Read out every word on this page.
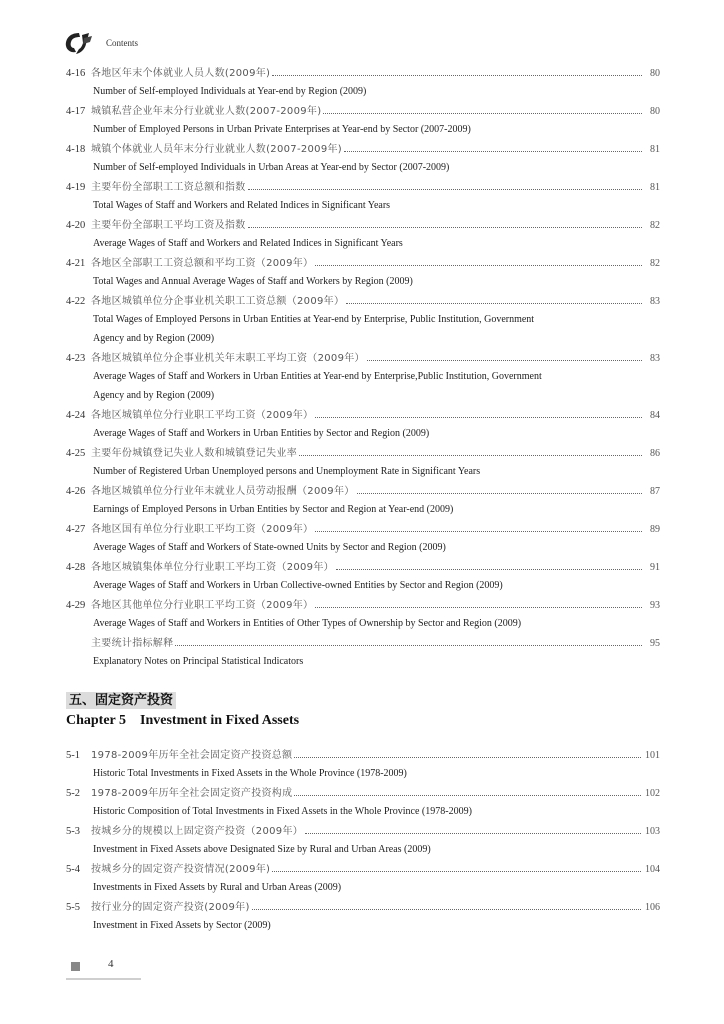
Contents
4-16 各地区年末个体就业人员人数(2009年)	80
Number of Self-employed Individuals at Year-end by Region (2009)
4-17 城镇私营企业年末分行业就业人数(2007-2009年)	80
Number of Employed Persons in Urban Private Enterprises at Year-end by Sector (2007-2009)
4-18 城镇个体就业人员年末分行业就业人数(2007-2009年)	81
Number of Self-employed Individuals in Urban Areas at Year-end by Sector (2007-2009)
4-19 主要年份全部职工工资总额和指数	81
Total Wages of Staff and Workers and Related Indices in Significant Years
4-20 主要年份全部职工平均工资及指数	82
Average Wages of Staff and Workers and Related Indices in Significant Years
4-21 各地区全部职工工资总额和平均工资（2009年）	82
Total Wages and Annual Average Wages of Staff and Workers by Region (2009)
4-22 各地区城镇单位分企事业机关职工工资总额（2009年）	83
Total Wages of Employed Persons in Urban Entities at Year-end by Enterprise, Public Institution, Government
Agency and by Region (2009)
4-23 各地区城镇单位分企事业机关年末职工平均工资（2009年）	83
Average Wages of Staff and Workers in Urban Entities at Year-end by Enterprise,Public Institution, Government
Agency and by Region (2009)
4-24 各地区城镇单位分行业职工平均工资（2009年）	84
Average Wages of Staff and Workers in Urban Entities by Sector and Region (2009)
4-25 主要年份城镇登记失业人数和城镇登记失业率	86
Number of Registered Urban Unemployed persons and Unemployment Rate in Significant Years
4-26 各地区城镇单位分行业年末就业人员劳动报酬（2009年）	87
Earnings of Employed Persons in Urban Entities by Sector and Region at Year-end (2009)
4-27 各地区国有单位分行业职工平均工资（2009年）	89
Average Wages of Staff and Workers of State-owned Units by Sector and Region (2009)
4-28 各地区城镇集体单位分行业职工平均工资（2009年）	91
Average Wages of Staff and Workers in Urban Collective-owned Entities by Sector and Region (2009)
4-29 各地区其他单位分行业职工平均工资（2009年）	93
Average Wages of Staff and Workers in Entities of Other Types of Ownership by Sector and Region (2009)
主要统计指标解释	95
Explanatory Notes on Principal Statistical Indicators
五、固定资产投资
Chapter 5    Investment in Fixed Assets
5-1	1978-2009年历年全社会固定资产投资总额	101
Historic Total Investments in Fixed Assets in the Whole Province (1978-2009)
5-2	1978-2009年历年全社会固定资产投资构成	102
Historic Composition of Total Investments in Fixed Assets in the Whole Province (1978-2009)
5-3	按城乡分的规模以上固定资产投资（2009年）	103
Investment in Fixed Assets above Designated Size by Rural and Urban Areas (2009)
5-4	按城乡分的固定资产投资情况(2009年)	104
Investments in Fixed Assets by Rural and Urban Areas (2009)
5-5	按行业分的固定资产投资(2009年)	106
Investment in Fixed Assets by Sector (2009)
4
